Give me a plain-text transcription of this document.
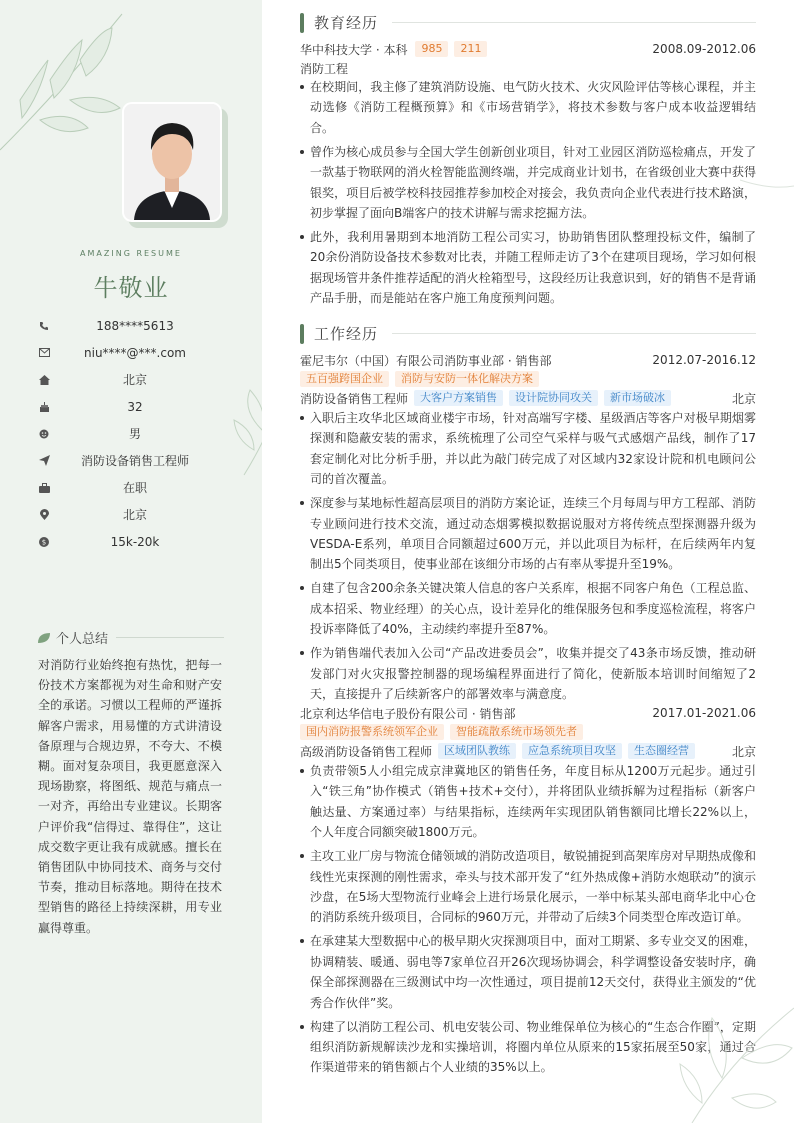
AMAZING RESUME
牛敬业
188****5613
niu****@***.com
北京
32
男
消防设备销售工程师
在职
北京
$	15k-20k
个人总结
对消防行业始终抱有热忱，把每一份技术方案都视为对生命和财产安全的承诺。习惯以工程师的严谨拆解客户需求，用易懂的方式讲清设备原理与合规边界，不夸大、不模糊。面对复杂项目，我更愿意深入现场勘察，将图纸、规范与痛点一一对齐，再给出专业建议。长期客户评价我“信得过、靠得住”，这让成交数字更让我有成就感。擅长在销售团队中协同技术、商务与交付节奏，推动目标落地。期待在技术型销售的路径上持续深耕，用专业赢得尊重。
教育经历
华中科技大学 · 本科	985	211	2008.09-2012.06
消防工程
在校期间，我主修了建筑消防设施、电气防火技术、火灾风险评估等核心课程，并主动选修《消防工程概预算》和《市场营销学》，将技术参数与客户成本收益逻辑结合。
曾作为核心成员参与全国大学生创新创业项目，针对工业园区消防巡检痛点，开发了一款基于物联网的消火栓智能监测终端，并完成商业计划书，在省级创业大赛中获得银奖，项目后被学校科技园推荐参加校企对接会，我负责向企业代表进行技术路演，初步掌握了面向B端客户的技术讲解与需求挖掘方法。
此外，我利用暑期到本地消防工程公司实习，协助销售团队整理投标文件，编制了20余份消防设备技术参数对比表，并随工程师走访了3个在建项目现场，学习如何根据现场管井条件推荐适配的消火栓箱型号，这段经历让我意识到，好的销售不是背诵产品手册，而是能站在客户施工角度预判问题。
工作经历
霍尼韦尔（中国）有限公司消防事业部 · 销售部	2012.07-2016.12
五百强跨国企业	消防与安防一体化解决方案
消防设备销售工程师	大客户方案销售	设计院协同攻关	新市场破冰	北京
入职后主攻华北区域商业楼宇市场，针对高端写字楼、星级酒店等客户对极早期烟雾探测和隐蔽安装的需求，系统梳理了公司空气采样与吸气式感烟产品线，制作了17套定制化对比分析手册，并以此为敲门砖完成了对区域内32家设计院和机电顾问公司的首次覆盖。
深度参与某地标性超高层项目的消防方案论证，连续三个月每周与甲方工程部、消防专业顾问进行技术交流，通过动态烟雾模拟数据说服对方将传统点型探测器升级为VESDA-E系列，单项目合同额超过600万元，并以此项目为标杆，在后续两年内复制出5个同类项目，使事业部在该细分市场的占有率从零提升至19%。
自建了包含200余条关键决策人信息的客户关系库，根据不同客户角色（工程总监、成本招采、物业经理）的关心点，设计差异化的维保服务包和季度巡检流程，将客户投诉率降低了40%，主动续约率提升至87%。
作为销售端代表加入公司“产品改进委员会”，收集并提交了43条市场反馈，推动研发部门对火灾报警控制器的现场编程界面进行了简化，使新版本培训时间缩短了2天，直接提升了后续新客户的部署效率与满意度。
北京利达华信电子股份有限公司 · 销售部	2017.01-2021.06
国内消防报警系统领军企业	智能疏散系统市场领先者
高级消防设备销售工程师	区域团队教练	应急系统项目攻坚	生态圈经营	北京
负责带领5人小组完成京津冀地区的销售任务，年度目标从1200万元起步。通过引入“铁三角”协作模式（销售+技术+交付），并将团队业绩拆解为过程指标（新客户触达量、方案通过率）与结果指标，连续两年实现团队销售额同比增长22%以上，个人年度合同额突破1800万元。
主攻工业厂房与物流仓储领域的消防改造项目，敏锐捕捉到高架库房对早期热成像和线性光束探测的刚性需求，牵头与技术部开发了“红外热成像+消防水炮联动”的演示沙盘，在5场大型物流行业峰会上进行场景化展示，一举中标某头部电商华北中心仓的消防系统升级项目，合同标的960万元，并带动了后续3个同类型仓库改造订单。
在承建某大型数据中心的极早期火灾探测项目中，面对工期紧、多专业交叉的困难，协调精装、暖通、弱电等7家单位召开26次现场协调会，科学调整设备安装时序，确保全部探测器在三级测试中均一次性通过，项目提前12天交付，获得业主颁发的“优秀合作伙伴”奖。
构建了以消防工程公司、机电安装公司、物业维保单位为核心的“生态合作圈”，定期组织消防新规解读沙龙和实操培训，将圈内单位从原来的15家拓展至50家，通过合作渠道带来的销售额占个人业绩的35%以上。
